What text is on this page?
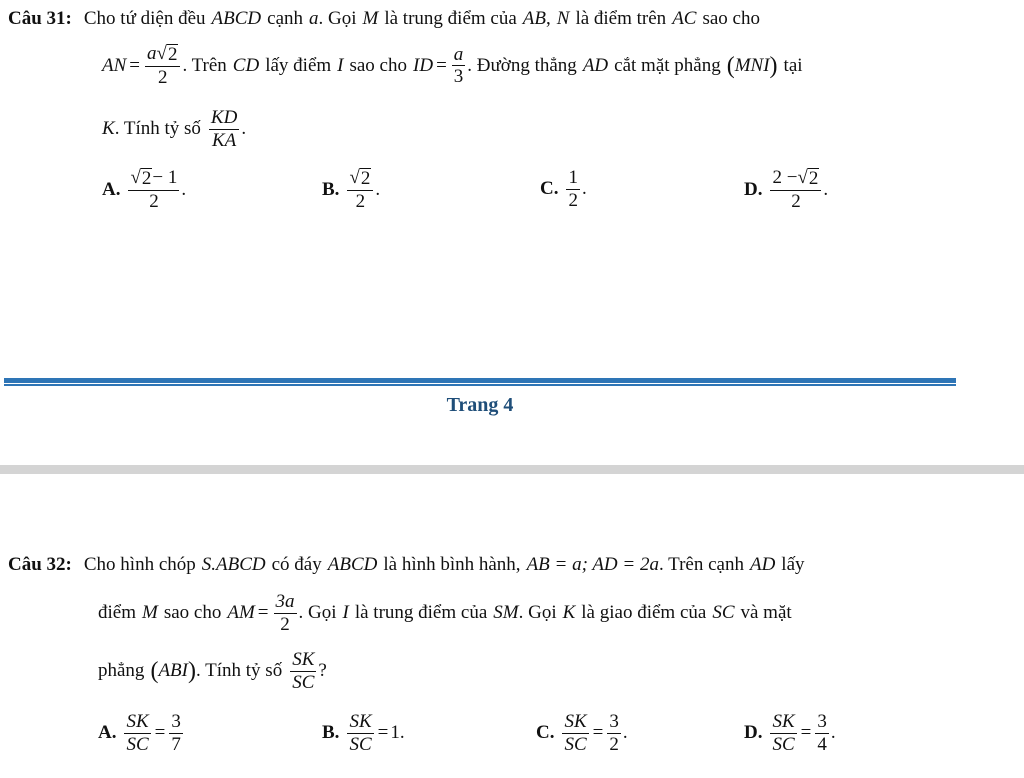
Câu 31: Cho tứ diện đều ABCD cạnh a . Gọi M là trung điểm của AB , N là điểm trên AC sao cho
AN = $\frac{a √ 2}{2}$ . Trên CD lấy điểm I sao cho ID = $\frac{a}{3}$ . Đường thẳng AD cắt mặt phẳng ( MNI ) tại
K . Tính tỷ số $\frac{KD}{KA}$ .
A. $\frac{√ 2 - 1}{2}$ .	B. $\frac{√ 2}{2}$ .	C. $\frac{1}{2}$ .	D. $\frac{2 - √ 2}{2}$ .
Trang 4
Câu 32: Cho hình chóp S.ABCD có đáy ABCD là hình bình hành, AB = a; AD = 2a . Trên cạnh AD lấy
điểm M sao cho AM = $\frac{3a}{2}$ . Gọi I là trung điểm của SM . Gọi K là giao điểm của SC và mặt
phẳng ( ABI ) . Tính tỷ số $\frac{SK}{SC}$ ?
A. $\frac{SK}{SC} = \frac{3}{7}$	B. $\frac{SK}{SC} = 1$ .	C. $\frac{SK}{SC} = \frac{3}{2}$ .	D. $\frac{SK}{SC} = \frac{3}{4}$ .
